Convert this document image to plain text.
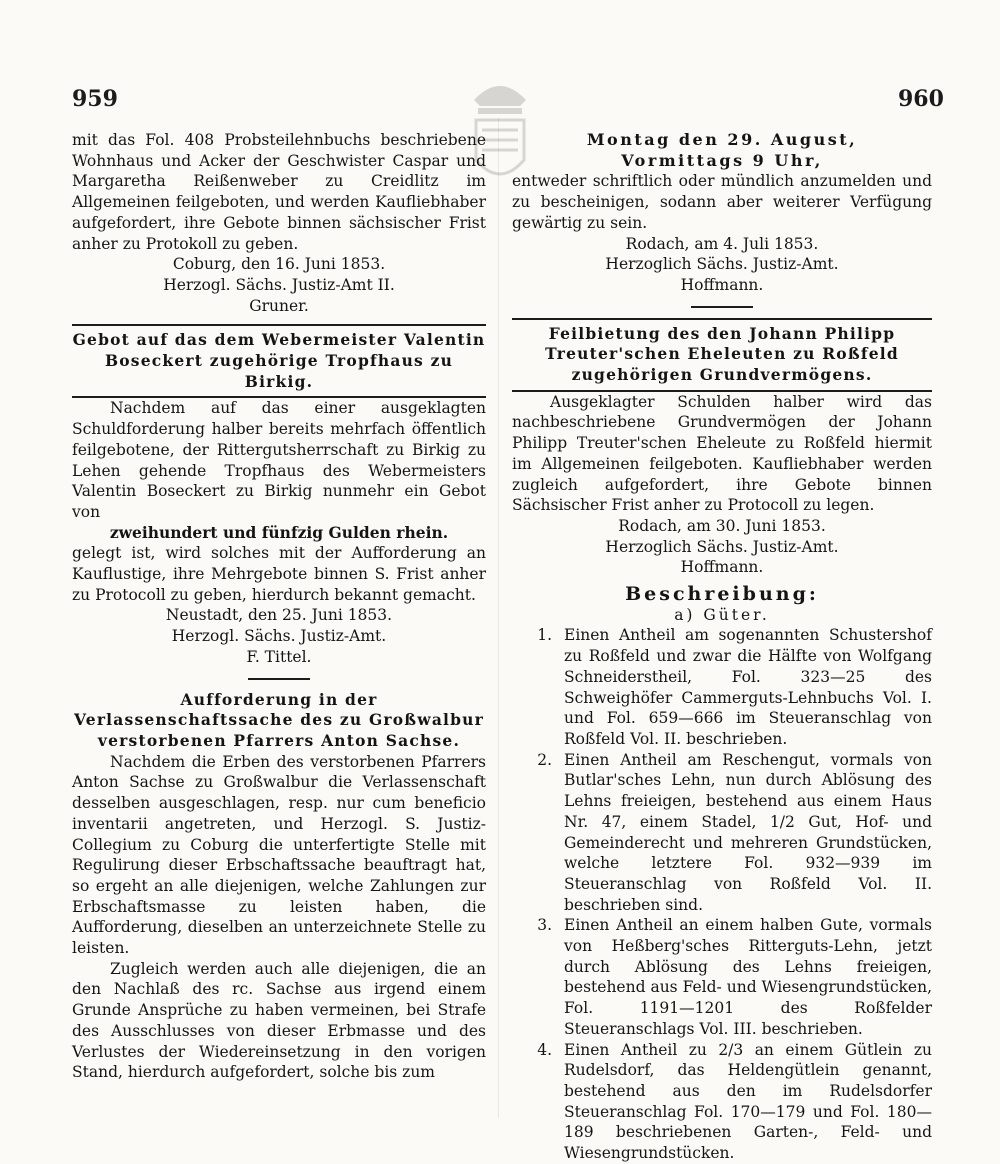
959	960

mit das Fol. 408 Probsteilehnbuchs beschriebene Wohnhaus und Acker der Geschwister Caspar und Margaretha Reißenweber zu Creidlitz im Allgemeinen feilgeboten, und werden Kaufliebhaber aufgefordert, ihre Gebote binnen sächsischer Frist anher zu Protokoll zu geben.

Coburg, den 16. Juni 1853.

Herzogl. Sächs. Justiz-Amt II.

Gruner.

Gebot auf das dem Webermeister Valentin Boseckert zugehörige Tropfhaus zu Birkig.

Nachdem auf das einer ausgeklagten Schuldforderung halber bereits mehrfach öffentlich feilgebotene, der Rittergutsherrschaft zu Birkig zu Lehen gehende Tropfhaus des Webermeisters Valentin Boseckert zu Birkig nunmehr ein Gebot von

zweihundert und fünfzig Gulden rhein.

gelegt ist, wird solches mit der Aufforderung an Kauflustige, ihre Mehrgebote binnen S. Frist anher zu Protocoll zu geben, hierdurch bekannt gemacht.

Neustadt, den 25. Juni 1853.

Herzogl. Sächs. Justiz-Amt.

F. Tittel.

Aufforderung in der Verlassenschaftssache des zu Großwalbur verstorbenen Pfarrers Anton Sachse.

Nachdem die Erben des verstorbenen Pfarrers Anton Sachse zu Großwalbur die Verlassenschaft desselben ausgeschlagen, resp. nur cum beneficio inventarii angetreten, und Herzogl. S. Justiz-Collegium zu Coburg die unterfertigte Stelle mit Regulirung dieser Erbschaftssache beauftragt hat, so ergeht an alle diejenigen, welche Zahlungen zur Erbschaftsmasse zu leisten haben, die Aufforderung, dieselben an unterzeichnete Stelle zu leisten.

Zugleich werden auch alle diejenigen, die an den Nachlaß des rc. Sachse aus irgend einem Grunde Ansprüche zu haben vermeinen, bei Strafe des Ausschlusses von dieser Erbmasse und des Verlustes der Wiedereinsetzung in den vorigen Stand, hierdurch aufgefordert, solche bis zum

Montag den 29. August,

Vormittags 9 Uhr,

entweder schriftlich oder mündlich anzumelden und zu bescheinigen, sodann aber weiterer Verfügung gewärtig zu sein.

Rodach, am 4. Juli 1853.

Herzoglich Sächs. Justiz-Amt.

Hoffmann.

Feilbietung des den Johann Philipp Treuter'schen Eheleuten zu Roßfeld zugehörigen Grundvermögens.

Ausgeklagter Schulden halber wird das nachbeschriebene Grundvermögen der Johann Philipp Treuter'schen Eheleute zu Roßfeld hiermit im Allgemeinen feilgeboten. Kaufliebhaber werden zugleich aufgefordert, ihre Gebote binnen Sächsischer Frist anher zu Protocoll zu legen.

Rodach, am 30. Juni 1853.

Herzoglich Sächs. Justiz-Amt.

Hoffmann.

Beschreibung:

a) Güter.

1. Einen Antheil am sogenannten Schustershof zu Roßfeld und zwar die Hälfte von Wolfgang Schneiderstheil, Fol. 323—25 des Schweighöfer Cammerguts-Lehnbuchs Vol. I. und Fol. 659—666 im Steueranschlag von Roßfeld Vol. II. beschrieben.
2. Einen Antheil am Reschengut, vormals von Butlar'sches Lehn, nun durch Ablösung des Lehns freieigen, bestehend aus einem Haus Nr. 47, einem Stadel, 1/2 Gut, Hof- und Gemeinderecht und mehreren Grundstücken, welche letztere Fol. 932—939 im Steueranschlag von Roßfeld Vol. II. beschrieben sind.
3. Einen Antheil an einem halben Gute, vormals von Heßberg'sches Ritterguts-Lehn, jetzt durch Ablösung des Lehns freieigen, bestehend aus Feld- und Wiesengrundstücken, Fol. 1191—1201 des Roßfelder Steueranschlags Vol. III. beschrieben.
4. Einen Antheil zu 2/3 an einem Gütlein zu Rudelsdorf, das Heldengütlein genannt, bestehend aus den im Rudelsdorfer Steueranschlag Fol. 170—179 und Fol. 180—189 beschriebenen Garten-, Feld- und Wiesengrundstücken.
